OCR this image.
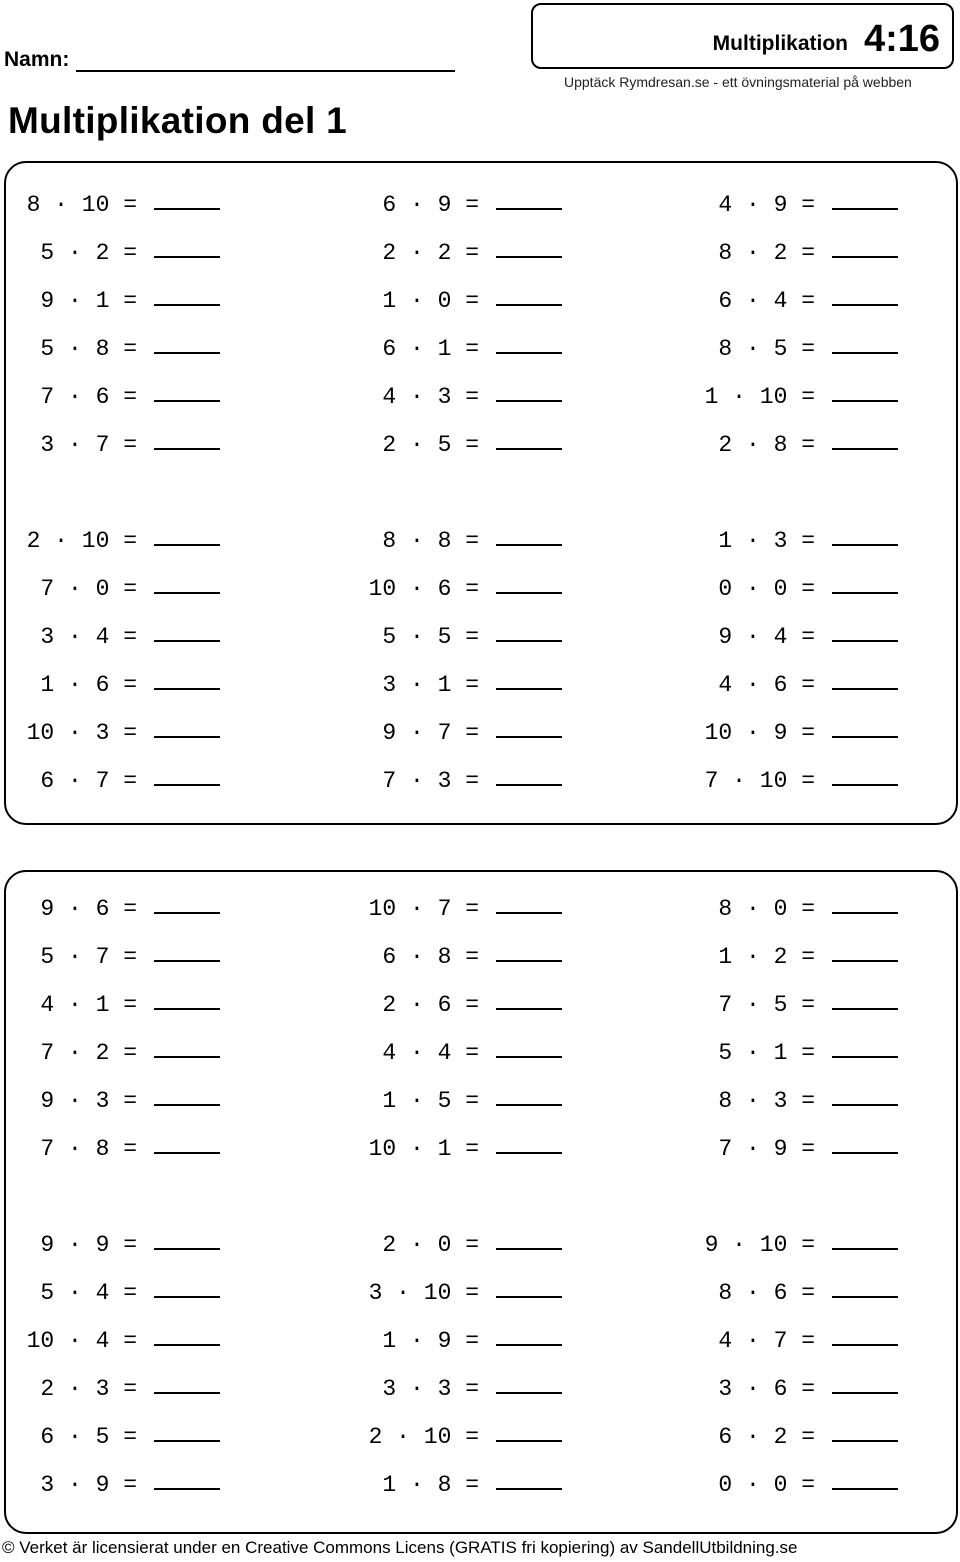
Namn:
Multiplikation del 1
Multiplikation 4:16
Upptäck Rymdresan.se - ett övningsmaterial på webben
8 · 10 =	6 · 9 =	4 · 9 =
5 · 2 =	2 · 2 =	8 · 2 =
9 · 1 =	1 · 0 =	6 · 4 =
5 · 8 =	6 · 1 =	8 · 5 =
7 · 6 =	4 · 3 =	1 · 10 =
3 · 7 =	2 · 5 =	2 · 8 =
2 · 10 =	8 · 8 =	1 · 3 =
7 · 0 =	10 · 6 =	0 · 0 =
3 · 4 =	5 · 5 =	9 · 4 =
1 · 6 =	3 · 1 =	4 · 6 =
10 · 3 =	9 · 7 =	10 · 9 =
6 · 7 =	7 · 3 =	7 · 10 =
9 · 6 =	10 · 7 =	8 · 0 =
5 · 7 =	6 · 8 =	1 · 2 =
4 · 1 =	2 · 6 =	7 · 5 =
7 · 2 =	4 · 4 =	5 · 1 =
9 · 3 =	1 · 5 =	8 · 3 =
7 · 8 =	10 · 1 =	7 · 9 =
9 · 9 =	2 · 0 =	9 · 10 =
5 · 4 =	3 · 10 =	8 · 6 =
10 · 4 =	1 · 9 =	4 · 7 =
2 · 3 =	3 · 3 =	3 · 6 =
6 · 5 =	2 · 10 =	6 · 2 =
3 · 9 =	1 · 8 =	0 · 0 =
© Verket är licensierat under en Creative Commons Licens (GRATIS fri kopiering) av SandellUtbildning.se
